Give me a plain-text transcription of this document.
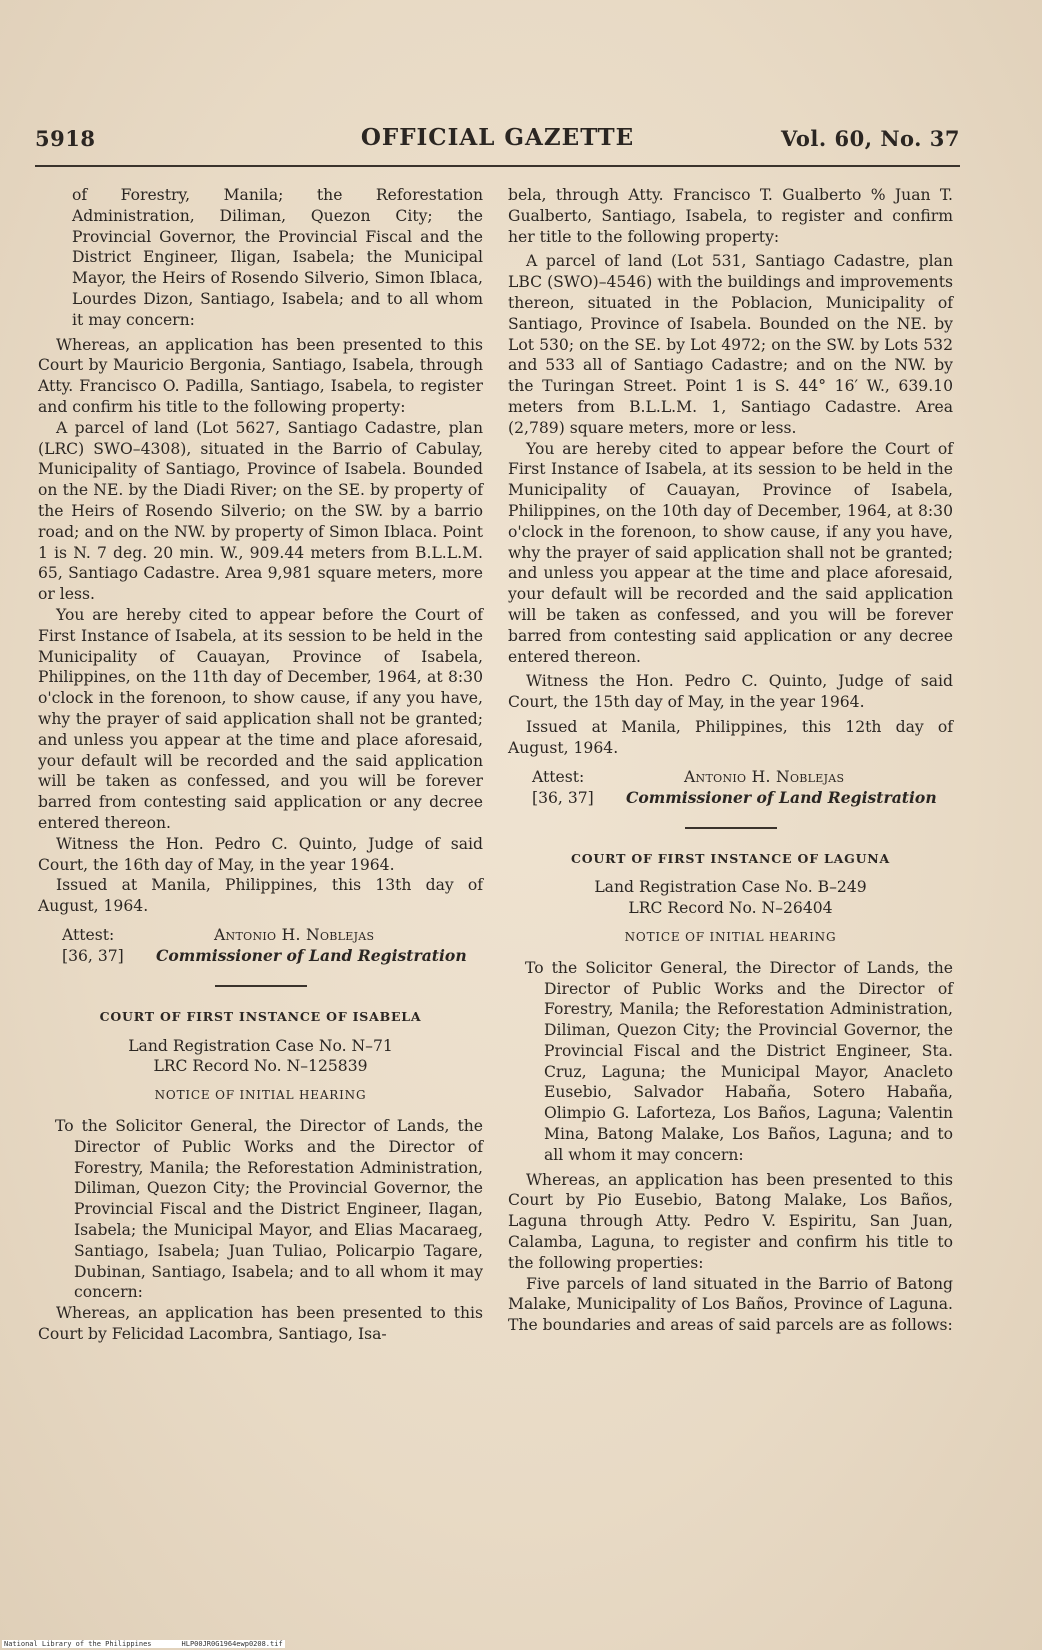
5918	OFFICIAL GAZETTE	Vol. 60, No. 37

of Forestry, Manila; the Reforestation Administration, Diliman, Quezon City; the Provincial Governor, the Provincial Fiscal and the District Engineer, Iligan, Isabela; the Municipal Mayor, the Heirs of Rosendo Silverio, Simon Iblaca, Lourdes Dizon, Santiago, Isabela; and to all whom it may concern:

Whereas, an application has been presented to this Court by Mauricio Bergonia, Santiago, Isabela, through Atty. Francisco O. Padilla, Santiago, Isabela, to register and confirm his title to the following property:

A parcel of land (Lot 5627, Santiago Cadastre, plan (LRC) SWO–4308), situated in the Barrio of Cabulay, Municipality of Santiago, Province of Isabela. Bounded on the NE. by the Diadi River; on the SE. by property of the Heirs of Rosendo Silverio; on the SW. by a barrio road; and on the NW. by property of Simon Iblaca. Point 1 is N. 7 deg. 20 min. W., 909.44 meters from B.L.L.M. 65, Santiago Cadastre. Area 9,981 square meters, more or less.

You are hereby cited to appear before the Court of First Instance of Isabela, at its session to be held in the Municipality of Cauayan, Province of Isabela, Philippines, on the 11th day of December, 1964, at 8:30 o'clock in the forenoon, to show cause, if any you have, why the prayer of said application shall not be granted; and unless you appear at the time and place aforesaid, your default will be recorded and the said application will be taken as confessed, and you will be forever barred from contesting said application or any decree entered thereon.

Witness the Hon. Pedro C. Quinto, Judge of said Court, the 16th day of May, in the year 1964.

Issued at Manila, Philippines, this 13th day of August, 1964.

Attest:
[36, 37]
Antonio H. Noblejas
Commissioner of Land Registration

COURT OF FIRST INSTANCE OF ISABELA

Land Registration Case No. N–71

LRC Record No. N–125839

NOTICE OF INITIAL HEARING

To the Solicitor General, the Director of Lands, the Director of Public Works and the Director of Forestry, Manila; the Reforestation Administration, Diliman, Quezon City; the Provincial Governor, the Provincial Fiscal and the District Engineer, Ilagan, Isabela; the Municipal Mayor, and Elias Macaraeg, Santiago, Isabela; Juan Tuliao, Policarpio Tagare, Dubinan, Santiago, Isabela; and to all whom it may concern:

Whereas, an application has been presented to this Court by Felicidad Lacombra, Santiago, Isa-

bela, through Atty. Francisco T. Gualberto % Juan T. Gualberto, Santiago, Isabela, to register and confirm her title to the following property:

A parcel of land (Lot 531, Santiago Cadastre, plan LBC (SWO)–4546) with the buildings and improvements thereon, situated in the Poblacion, Municipality of Santiago, Province of Isabela. Bounded on the NE. by Lot 530; on the SE. by Lot 4972; on the SW. by Lots 532 and 533 all of Santiago Cadastre; and on the NW. by the Turingan Street. Point 1 is S. 44° 16′ W., 639.10 meters from B.L.L.M. 1, Santiago Cadastre. Area (2,789) square meters, more or less.

You are hereby cited to appear before the Court of First Instance of Isabela, at its session to be held in the Municipality of Cauayan, Province of Isabela, Philippines, on the 10th day of December, 1964, at 8:30 o'clock in the forenoon, to show cause, if any you have, why the prayer of said application shall not be granted; and unless you appear at the time and place aforesaid, your default will be recorded and the said application will be taken as confessed, and you will be forever barred from contesting said application or any decree entered thereon.

Witness the Hon. Pedro C. Quinto, Judge of said Court, the 15th day of May, in the year 1964.

Issued at Manila, Philippines, this 12th day of August, 1964.

Attest:
[36, 37]
Antonio H. Noblejas
Commissioner of Land Registration

COURT OF FIRST INSTANCE OF LAGUNA

Land Registration Case No. B–249

LRC Record No. N–26404

NOTICE OF INITIAL HEARING

To the Solicitor General, the Director of Lands, the Director of Public Works and the Director of Forestry, Manila; the Reforestation Administration, Diliman, Quezon City; the Provincial Governor, the Provincial Fiscal and the District Engineer, Sta. Cruz, Laguna; the Municipal Mayor, Anacleto Eusebio, Salvador Habaña, Sotero Habaña, Olimpio G. Laforteza, Los Baños, Laguna; Valentin Mina, Batong Malake, Los Baños, Laguna; and to all whom it may concern:

Whereas, an application has been presented to this Court by Pio Eusebio, Batong Malake, Los Baños, Laguna through Atty. Pedro V. Espiritu, San Juan, Calamba, Laguna, to register and confirm his title to the following properties:

Five parcels of land situated in the Barrio of Batong Malake, Municipality of Los Baños, Province of Laguna. The boundaries and areas of said parcels are as follows:

National Library of the Philippines	HLP00JR0G1964ewp0208.tif
